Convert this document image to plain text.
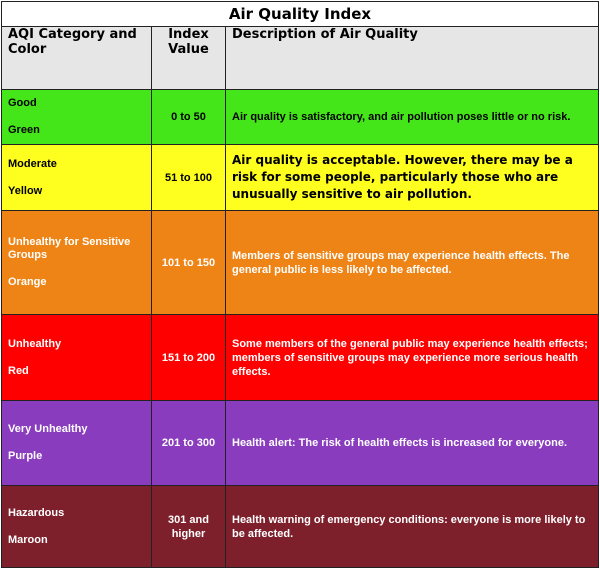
Air Quality Index		
AQI Category and Color	Index Value	Description of Air Quality

Good
Green	0 to 50	Air quality is satisfactory, and air pollution poses little or no risk.

Moderate
Yellow	51 to 100	Air quality is acceptable. However, there may be a risk for some people, particularly those who are unusually sensitive to air pollution.

Unhealthy for Sensitive Groups
Orange	101 to 150	Members of sensitive groups may experience health effects. The general public is less likely to be affected.

Unhealthy
Red	151 to 200	Some members of the general public may experience health effects; members of sensitive groups may experience more serious health effects.

Very Unhealthy
Purple	201 to 300	Health alert: The risk of health effects is increased for everyone.

Hazardous
Maroon	301 and higher	Health warning of emergency conditions: everyone is more likely to be affected.
